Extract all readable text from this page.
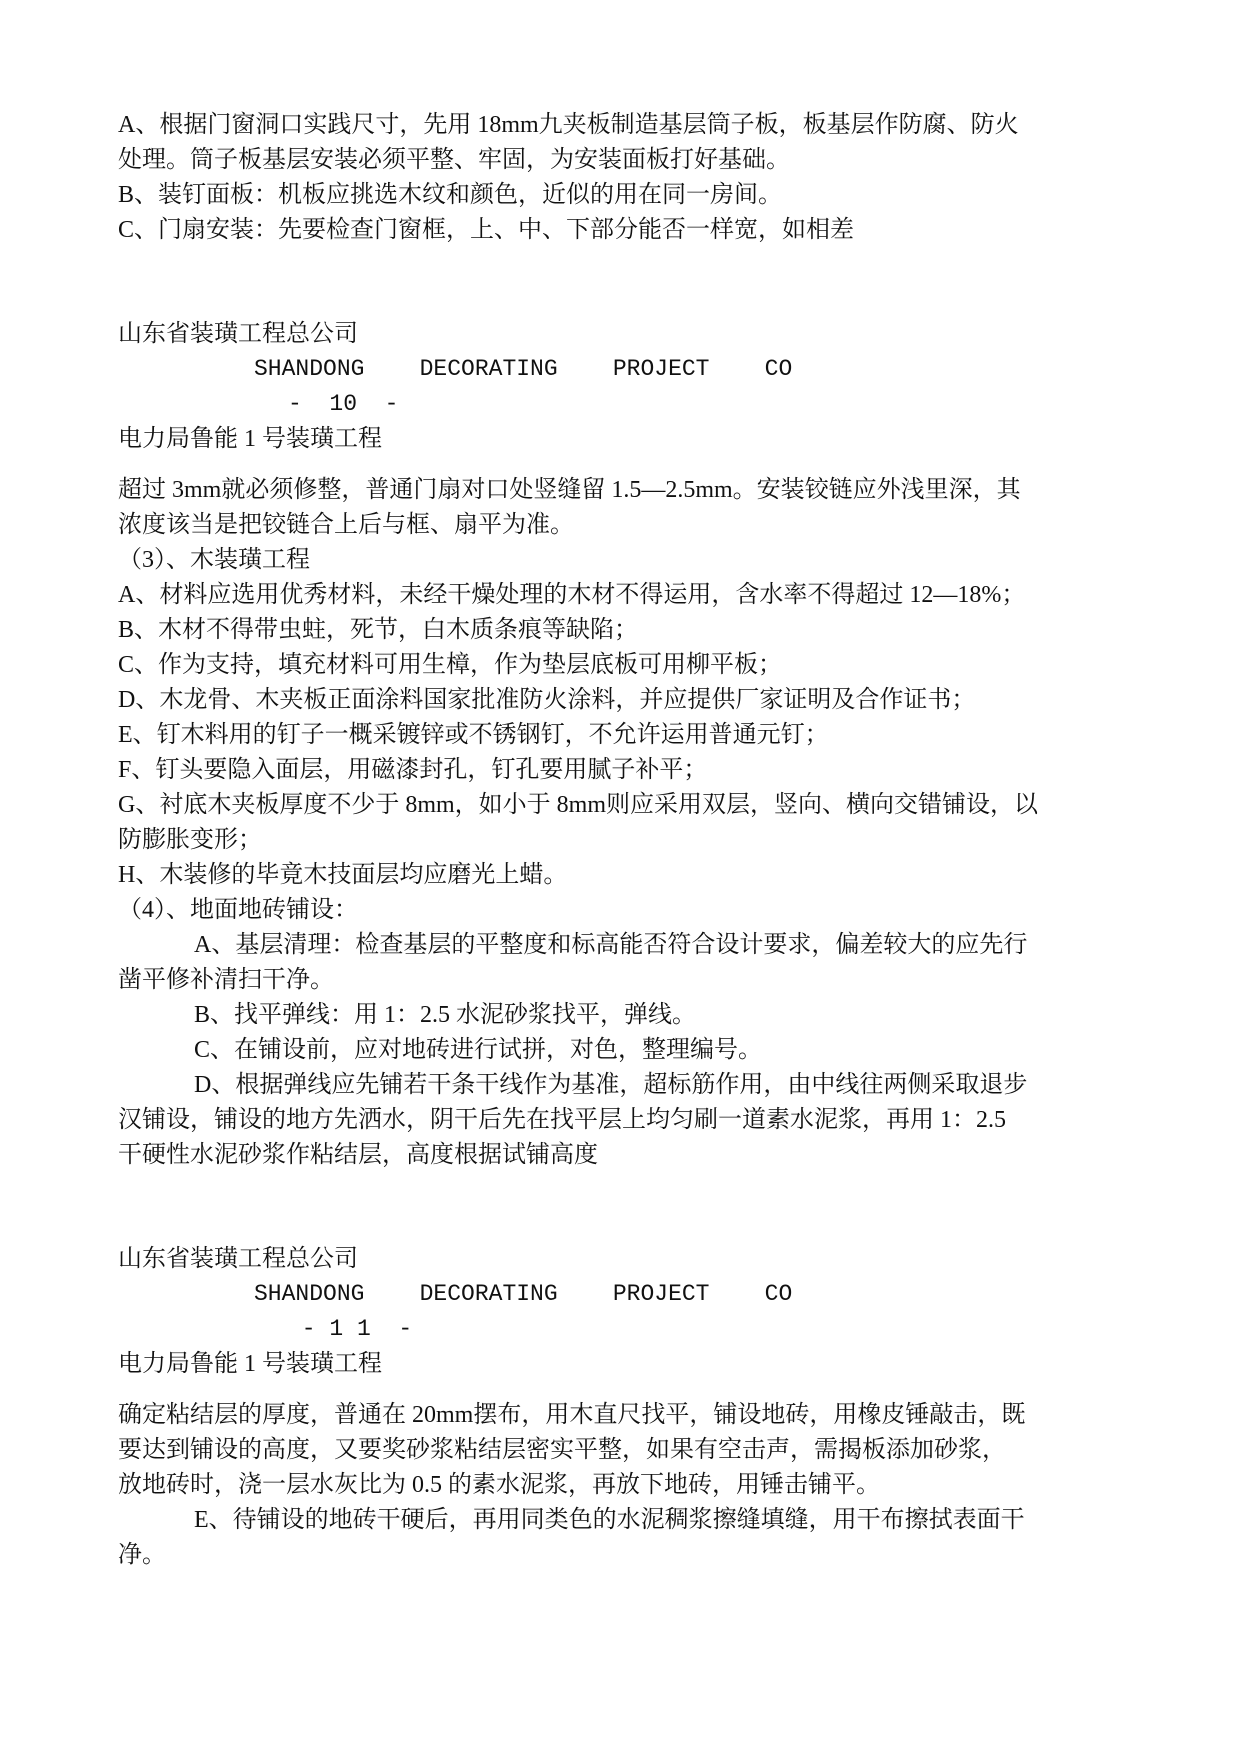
A、根据门窗洞口实践尺寸，先用 18mm九夹板制造基层筒子板，板基层作防腐、防火
处理。筒子板基层安装必须平整、牢固，为安装面板打好基础。
B、装钉面板：机板应挑选木纹和颜色，近似的用在同一房间。
C、门扇安装：先要检查门窗框，上、中、下部分能否一样宽，如相差
山东省装璜工程总公司
SHANDONG    DECORATING    PROJECT    CO
-  10  -
电力局鲁能 1 号装璜工程
超过 3mm就必须修整，普通门扇对口处竖缝留 1.5—2.5mm。安装铰链应外浅里深，其
浓度该当是把铰链合上后与框、扇平为准。
（3）、木装璜工程
A、材料应选用优秀材料，未经干燥处理的木材不得运用，含水率不得超过 12—18%；
B、木材不得带虫蛀，死节，白木质条痕等缺陷；
C、作为支持，填充材料可用生樟，作为垫层底板可用柳平板；
D、木龙骨、木夹板正面涂料国家批准防火涂料，并应提供厂家证明及合作证书；
E、钉木料用的钉子一概采镀锌或不锈钢钉，不允许运用普通元钉；
F、钉头要隐入面层，用磁漆封孔，钉孔要用腻子补平；
G、衬底木夹板厚度不少于 8mm，如小于 8mm则应采用双层，竖向、横向交错铺设，以
防膨胀变形；
H、木装修的毕竟木技面层均应磨光上蜡。
（4）、地面地砖铺设：
A、基层清理：检查基层的平整度和标高能否符合设计要求，偏差较大的应先行
凿平修补清扫干净。
B、找平弹线：用 1：2.5 水泥砂浆找平，弹线。
C、在铺设前，应对地砖进行试拼，对色，整理编号。
D、根据弹线应先铺若干条干线作为基准，超标筋作用，由中线往两侧采取退步
汉铺设，铺设的地方先洒水，阴干后先在找平层上均匀刷一道素水泥浆，再用 1：2.5
干硬性水泥砂浆作粘结层，高度根据试铺高度
山东省装璜工程总公司
SHANDONG    DECORATING    PROJECT    CO
- 1 1  -
电力局鲁能 1 号装璜工程
确定粘结层的厚度，普通在 20mm摆布，用木直尺找平，铺设地砖，用橡皮锤敲击，既
要达到铺设的高度，又要奖砂浆粘结层密实平整，如果有空击声，需揭板添加砂浆，
放地砖时，浇一层水灰比为 0.5 的素水泥浆，再放下地砖，用锤击铺平。
E、待铺设的地砖干硬后，再用同类色的水泥稠浆擦缝填缝，用干布擦拭表面干
净。
